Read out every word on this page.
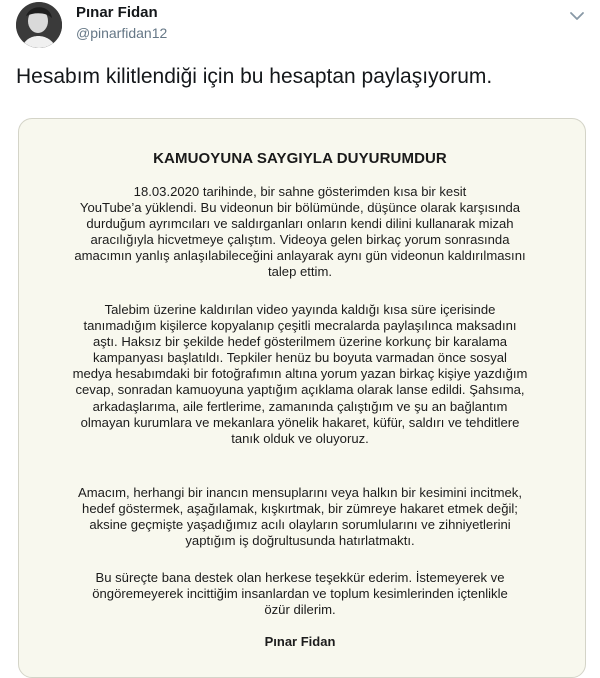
Pınar Fidan
@pinarfidan12
Hesabım kilitlendiği için bu hesaptan paylaşıyorum.
KAMUOYUNA SAYGIYLA DUYURUMDUR
18.03.2020 tarihinde, bir sahne gösterimden kısa bir kesit
YouTube’a yüklendi. Bu videonun bir bölümünde, düşünce olarak karşısında
durduğum ayrımcıları ve saldırganları onların kendi dilini kullanarak mizah
aracılığıyla hicvetmeye çalıştım. Videoya gelen birkaç yorum sonrasında
amacımın yanlış anlaşılabileceğini anlayarak aynı gün videonun kaldırılmasını
talep ettim.
Talebim üzerine kaldırılan video yayında kaldığı kısa süre içerisinde
tanımadığım kişilerce kopyalanıp çeşitli mecralarda paylaşılınca maksadını
aştı. Haksız bir şekilde hedef gösterilmem üzerine korkunç bir karalama
kampanyası başlatıldı. Tepkiler henüz bu boyuta varmadan önce sosyal
medya hesabımdaki bir fotoğrafımın altına yorum yazan birkaç kişiye yazdığım
cevap, sonradan kamuoyuna yaptığım açıklama olarak lanse edildi. Şahsıma,
arkadaşlarıma, aile fertlerime, zamanında çalıştığım ve şu an bağlantım
olmayan kurumlara ve mekanlara yönelik hakaret, küfür, saldırı ve tehditlere
tanık olduk ve oluyoruz.
Amacım, herhangi bir inancın mensuplarını veya halkın bir kesimini incitmek,
hedef göstermek, aşağılamak, kışkırtmak, bir zümreye hakaret etmek değil;
aksine geçmişte yaşadığımız acılı olayların sorumlularını ve zihniyetlerini
yaptığım iş doğrultusunda hatırlatmaktı.
Bu süreçte bana destek olan herkese teşekkür ederim. İstemeyerek ve
öngöremeyerek incittiğim insanlardan ve toplum kesimlerinden içtenlikle
özür dilerim.
Pınar Fidan
